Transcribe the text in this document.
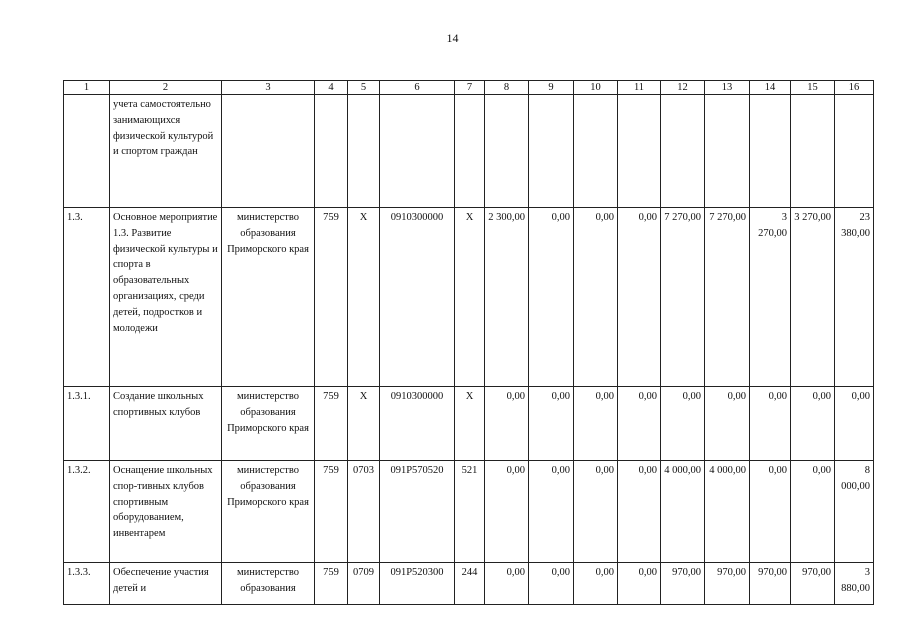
14
1	2	3	4	5	6	7	8	9	10	11	12	13	14	15	16
	учета самостоятельно занимающихся физической культурой и спортом граждан														
1.3.	Основное мероприятие 1.3. Развитие физической культуры и спорта в образовательных организациях, среди детей, подростков и молодежи	министерство образования Приморского края	759	X	0910300000	X	2 300,00	0,00	0,00	0,00	7 270,00	7 270,00	3 270,00	3 270,00	23 380,00
1.3.1.	Создание школьных спортивных клубов	министерство образования Приморского края	759	X	0910300000	X	0,00	0,00	0,00	0,00	0,00	0,00	0,00	0,00	0,00
1.3.2.	Оснащение школьных спор-тивных клубов спортивным оборудованием, инвентарем	министерство образования Приморского края	759	0703	091P570520	521	0,00	0,00	0,00	0,00	4 000,00	4 000,00	0,00	0,00	8 000,00
1.3.3.	Обеспечение участия детей и	министерство образования	759	0709	091P520300	244	0,00	0,00	0,00	0,00	970,00	970,00	970,00	970,00	3 880,00
